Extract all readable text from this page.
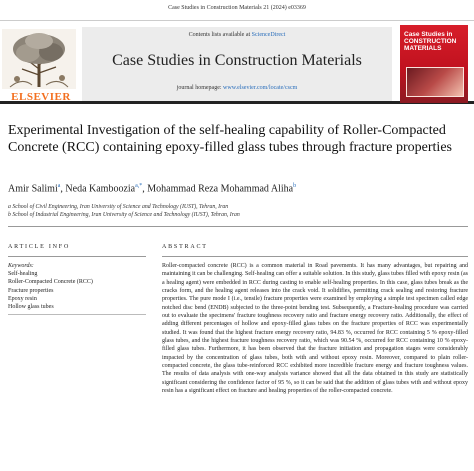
Case Studies in Construction Materials 21 (2024) e03369
ELSEVIER
Contents lists available at ScienceDirect
Case Studies in Construction Materials
journal homepage: www.elsevier.com/locate/cscm
Case Studies in CONSTRUCTION MATERIALS
Experimental Investigation of the self-healing capability of Roller-Compacted Concrete (RCC) containing epoxy-filled glass tubes through fracture properties
Amir Salimi$^a$, Neda Kamboozia$^{a,*}$, Mohammad Reza Mohammad Aliha$^b$
a School of Civil Engineering, Iran University of Science and Technology (IUST), Tehran, Iran
b School of Industrial Engineering, Iran University of Science and Technology (IUST), Tehran, Iran
ARTICLE INFO	ABSTRACT
Keywords:
Self-healing
Roller-Compacted Concrete (RCC)
Fracture properties
Epoxy resin
Hollow glass tubes
Roller-compacted concrete (RCC) is a common material in Road pavements. It has many advantages, but repairing and maintaining it can be challenging. Self-healing can offer a suitable solution. In this study, glass tubes filled with epoxy resin (as a healing agent) were embedded in RCC during casting to enable self-healing properties. In this case, glass tubes break as the cracks form, and the healing agent releases into the crack void. It solidifies, permitting crack sealing and restoring fracture properties. The pure mode I (i.e., tensile) fracture properties were examined by employing a simple test specimen called edge notched disc bend (ENDB) subjected to the three-point bending test. Subsequently, a Fracture-healing procedure was carried out to evaluate the specimens' fracture toughness recovery ratio and fracture energy recovery ratio. Additionally, the effect of adding different percentages of hollow and epoxy-filled glass tubes on the fracture properties of RCC was experimentally studied. It was found that the highest fracture energy recovery ratio, 94.83 %, occurred for RCC containing 5 % epoxy-filled glass tubes, and the highest fracture toughness recovery ratio, which was 90.54 %, occurred for RCC containing 10 % epoxy-filled glass tubes. Furthermore, it has been observed that the fracture initiation and propagation stages were considerably impacted by the concentration of glass tubes, both with and without epoxy resin. Moreover, compared to plain roller-compacted concrete, the glass tube-reinforced RCC exhibited more incredible fracture energy and fracture toughness values. The results of data analysis with one-way analysis variance showed that all the data obtained in this study are statistically significant considering the confidence factor of 95 %, so it can be said that the addition of glass tubes with and without epoxy resin has a significant effect on fracture and healing properties of the roller-compacted concrete.
